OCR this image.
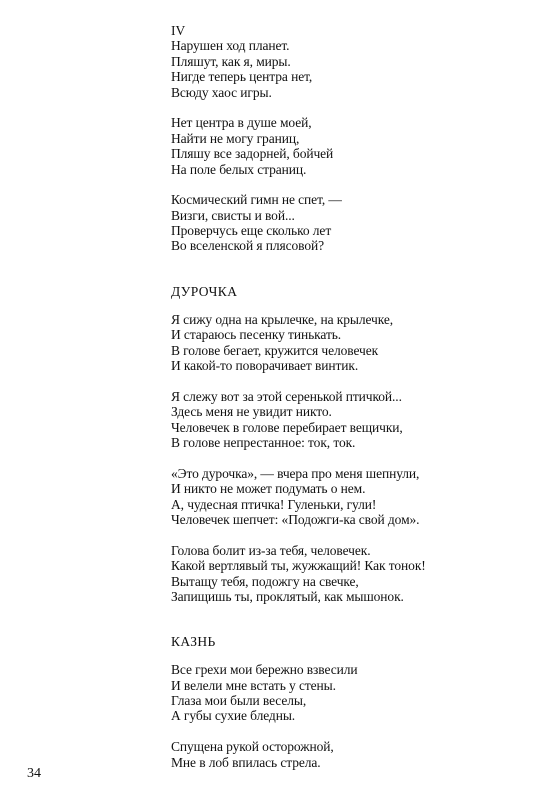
IV
Нарушен ход планет.
Пляшут, как я, миры.
Нигде теперь центра нет,
Всюду хаос игры.
Нет центра в душе моей,
Найти не могу границ,
Пляшу все задорней, бойчей
На поле белых страниц.
Космический гимн не спет, —
Визги, свисты и вой...
Проверчусь еще сколько лет
Во вселенской я плясовой?
ДУРОЧКА
Я сижу одна на крылечке, на крылечке,
И стараюсь песенку тинькать.
В голове бегает, кружится человечек
И какой-то поворачивает винтик.
Я слежу вот за этой серенькой птичкой...
Здесь меня не увидит никто.
Человечек в голове перебирает вещички,
В голове непрестанное: ток, ток.
«Это дурочка», — вчера про меня шепнули,
И никто не может подумать о нем.
А, чудесная птичка! Гуленьки, гули!
Человечек шепчет: «Подожги-ка свой дом».
Голова болит из-за тебя, человечек.
Какой вертлявый ты, жужжащий! Как тонок!
Вытащу тебя, подожгу на свечке,
Запищишь ты, проклятый, как мышонок.
КАЗНЬ
Все грехи мои бережно взвесили
И велели мне встать у стены.
Глаза мои были веселы,
А губы сухие бледны.
Спущена рукой осторожной,
Мне в лоб впилась стрела.
34
